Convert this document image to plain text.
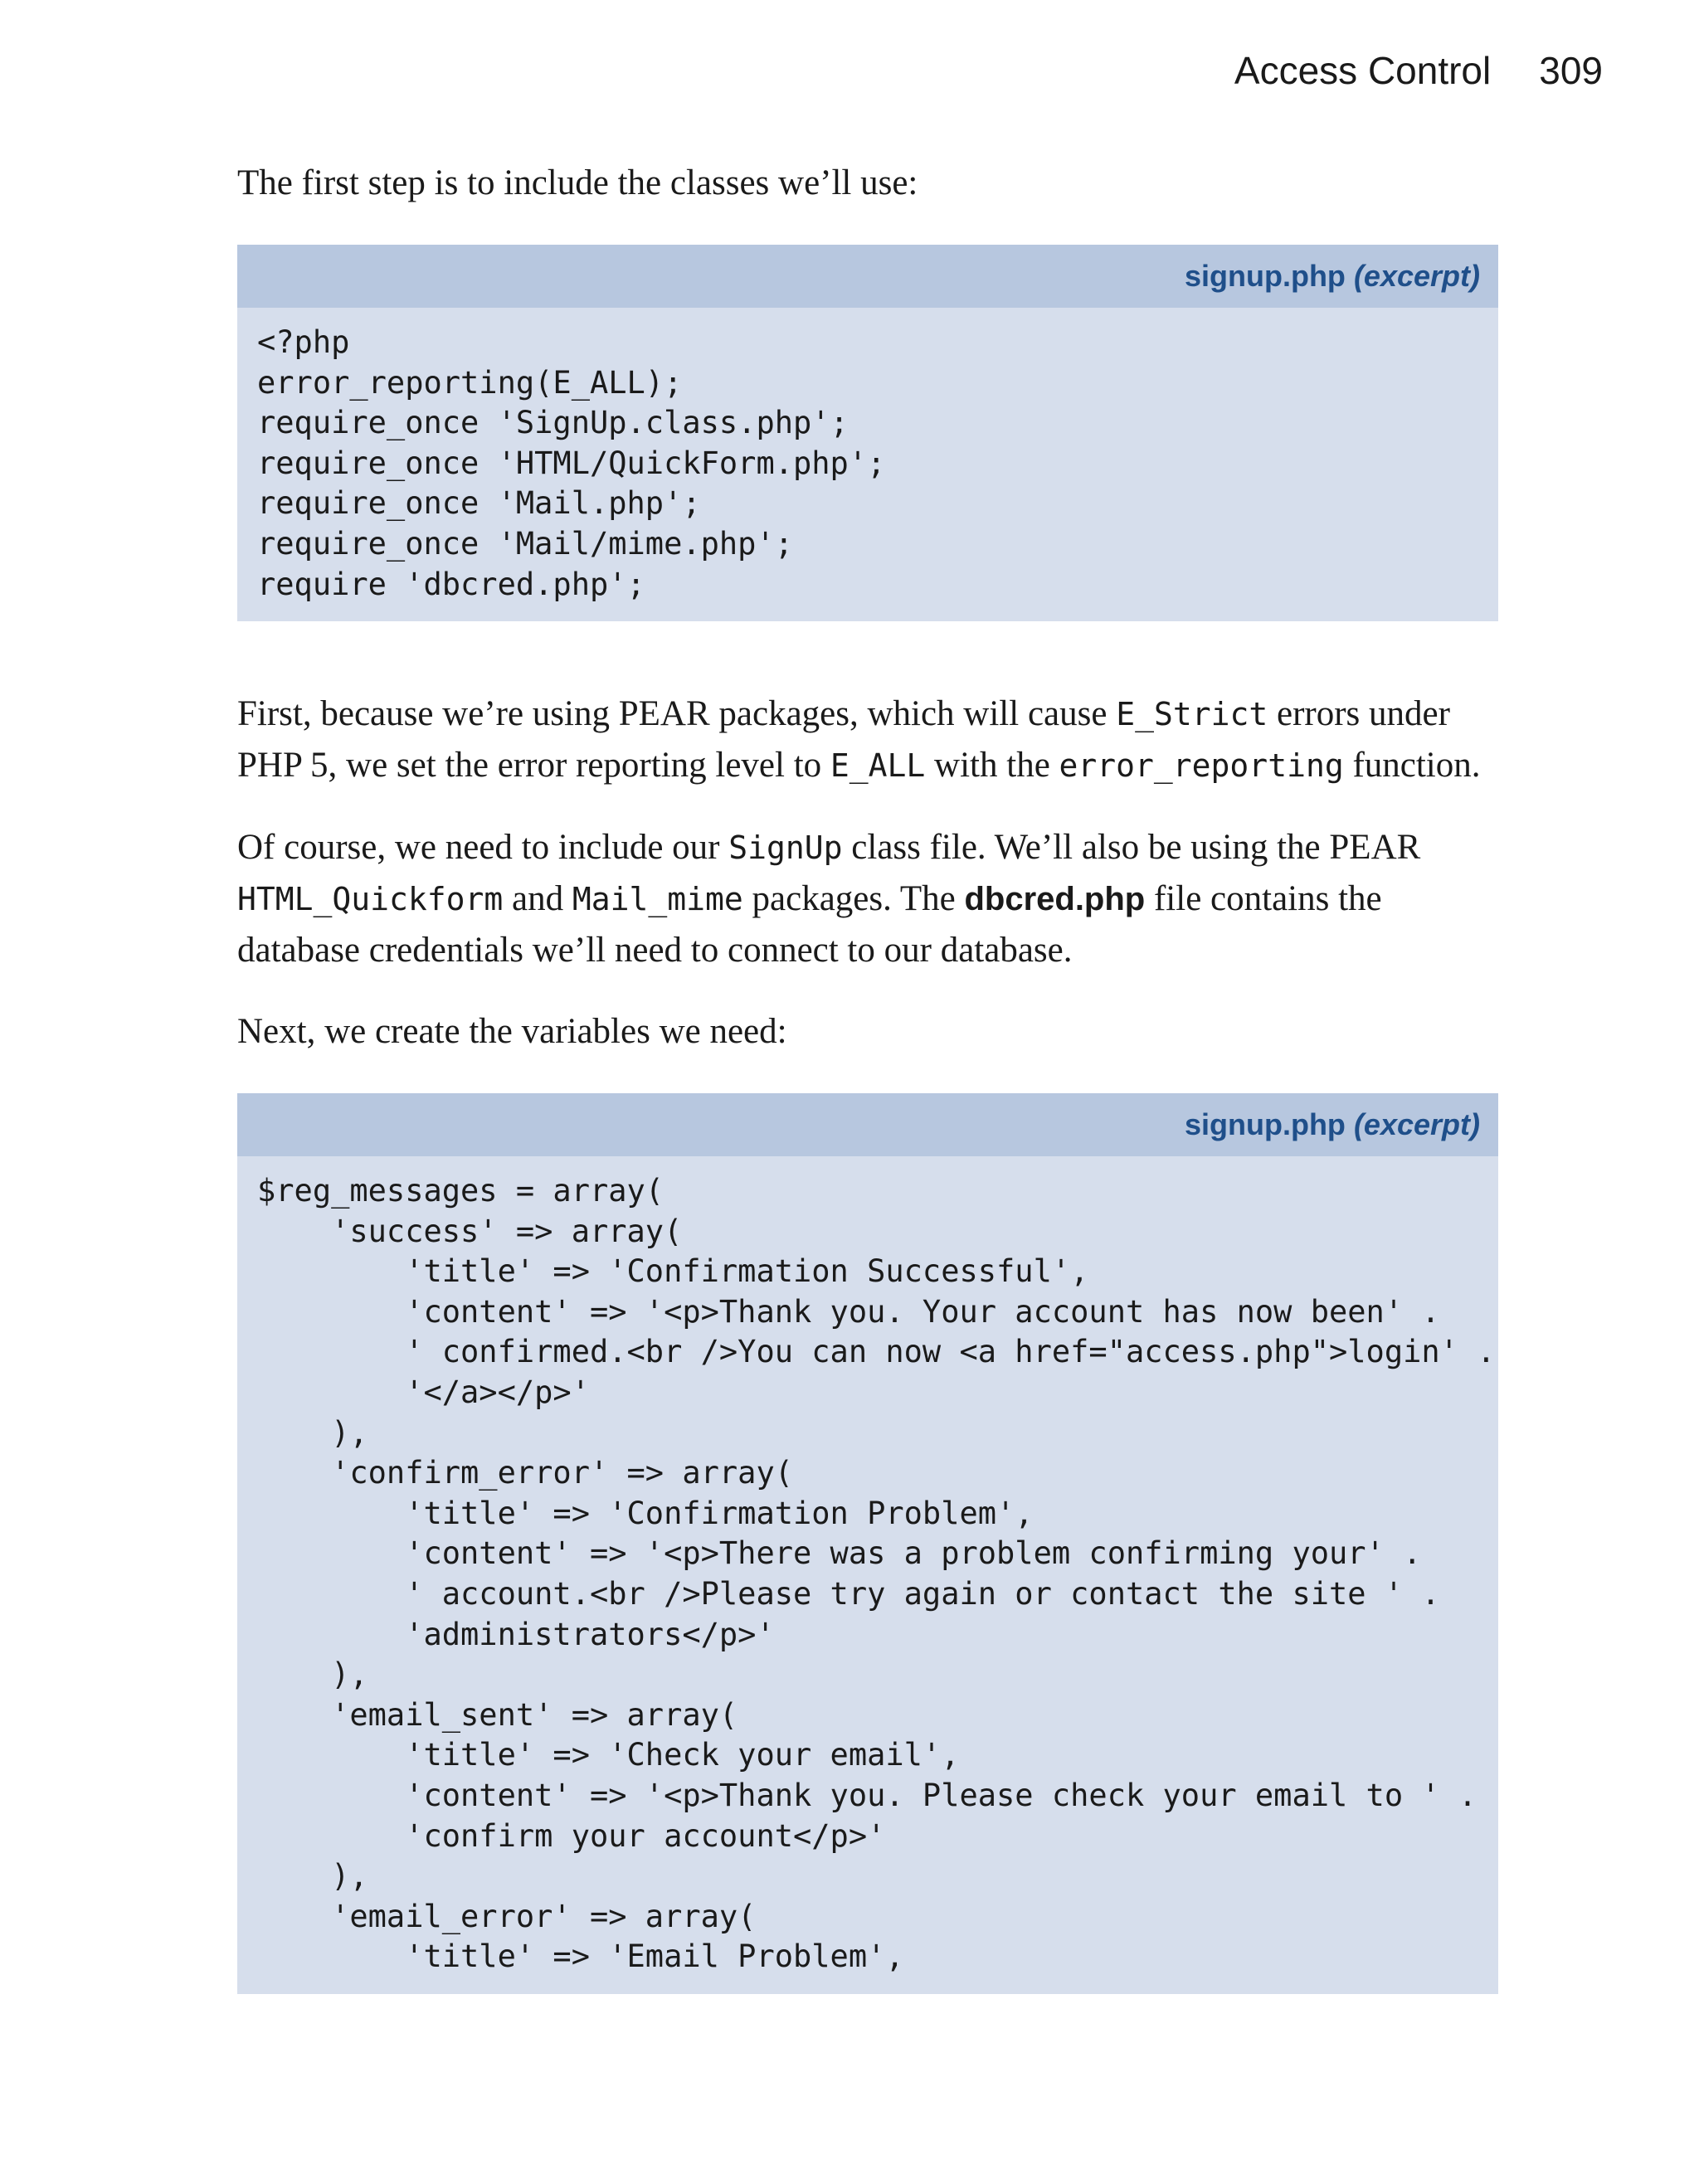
Access Control 309

The first step is to include the classes we’ll use:

signup.php (excerpt)
<?php
error_reporting(E_ALL);
require_once 'SignUp.class.php';
require_once 'HTML/QuickForm.php';
require_once 'Mail.php';
require_once 'Mail/mime.php';
require 'dbcred.php';

First, because we’re using PEAR packages, which will cause E_Strict errors under PHP 5, we set the error reporting level to E_ALL with the error_reporting function.

Of course, we need to include our SignUp class file. We’ll also be using the PEAR HTML_Quickform and Mail_mime packages. The dbcred.php file contains the database credentials we’ll need to connect to our database.

Next, we create the variables we need:

signup.php (excerpt)
$reg_messages = array(
'success' => array(
'title' => 'Confirmation Successful',
'content' => '<p>Thank you. Your account has now been' .
' confirmed.<br />You can now <a href="access.php">login' .
'</a></p>'
),
'confirm_error' => array(
'title' => 'Confirmation Problem',
'content' => '<p>There was a problem confirming your' .
' account.<br />Please try again or contact the site ' .
'administrators</p>'
),
'email_sent' => array(
'title' => 'Check your email',
'content' => '<p>Thank you. Please check your email to ' .
'confirm your account</p>'
),
'email_error' => array(
'title' => 'Email Problem',
